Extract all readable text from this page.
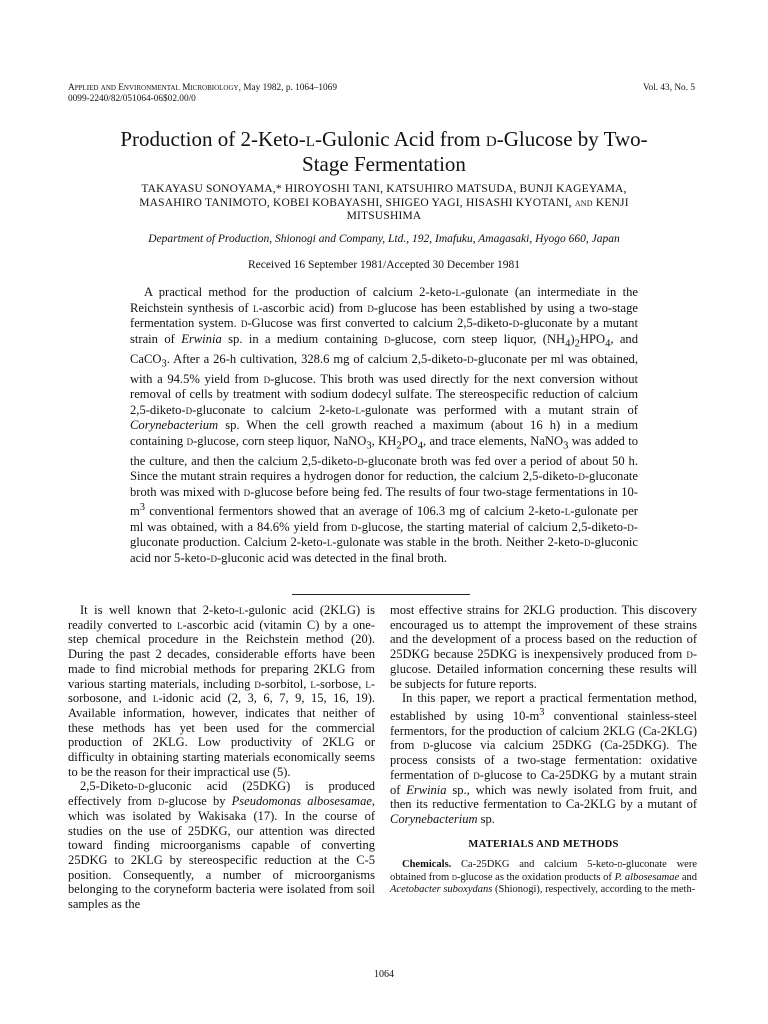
Applied and Environmental Microbiology, May 1982, p. 1064–1069
0099-2240/82/051064-06$02.00/0
Vol. 43, No. 5
Production of 2-Keto-l-Gulonic Acid from d-Glucose by Two-
Stage Fermentation
TAKAYASU SONOYAMA,* HIROYOSHI TANI, KATSUHIRO MATSUDA, BUNJI KAGEYAMA,
MASAHIRO TANIMOTO, KOBEI KOBAYASHI, SHIGEO YAGI, HISASHI KYOTANI, and KENJI
MITSUSHIMA
Department of Production, Shionogi and Company, Ltd., 192, Imafuku, Amagasaki, Hyogo 660, Japan
Received 16 September 1981/Accepted 30 December 1981

A practical method for the production of calcium 2-keto-l-gulonate (an intermediate in the Reichstein synthesis of l-ascorbic acid) from d-glucose has been established by using a two-stage fermentation system. d-Glucose was first converted to calcium 2,5-diketo-d-gluconate by a mutant strain of Erwinia sp. in a medium containing d-glucose, corn steep liquor, $(NH_4)_2HPO_4$, and CaCO$_3$. After a 26-h cultivation, 328.6 mg of calcium 2,5-diketo-d-gluconate per ml was obtained, with a 94.5% yield from d-glucose. This broth was used directly for the next conversion without removal of cells by treatment with sodium dodecyl sulfate. The stereospecific reduction of calcium 2,5-diketo-d-gluconate to calcium 2-keto-l-gulonate was performed with a mutant strain of Corynebacterium sp. When the cell growth reached a maximum (about 16 h) in a medium containing d-glucose, corn steep liquor, NaNO$_3$, $KH_2PO_4$, and trace elements, NaNO$_3$ was added to the culture, and then the calcium 2,5-diketo-d-gluconate broth was fed over a period of about 50 h. Since the mutant strain requires a hydrogen donor for reduction, the calcium 2,5-diketo-d-gluconate broth was mixed with d-glucose before being fed. The results of four two-stage fermentations in $10-m^3$ conventional fermentors showed that an average of 106.3 mg of calcium 2-keto-l-gulonate per ml was obtained, with a 84.6% yield from d-glucose, the starting material of calcium 2,5-diketo-d-gluconate production. Calcium 2-keto-l-gulonate was stable in the broth. Neither 2-keto-d-gluconic acid nor 5-keto-d-gluconic acid was detected in the final broth.

It is well known that 2-keto-l-gulonic acid (2KLG) is readily converted to l-ascorbic acid (vitamin C) by a one-step chemical procedure in the Reichstein method (20). During the past 2 decades, considerable efforts have been made to find microbial methods for preparing 2KLG from various starting materials, including d-sorbitol, l-sorbose, l-sorbosone, and l-idonic acid (2, 3, 6, 7, 9, 15, 16, 19). Available information, however, indicates that neither of these methods has yet been used for the commercial production of 2KLG. Low productivity of 2KLG or difficulty in obtaining starting materials economically seems to be the reason for their impractical use (5).

2,5-Diketo-d-gluconic acid (25DKG) is produced effectively from d-glucose by Pseudomonas albosesamae, which was isolated by Wakisaka (17). In the course of studies on the use of 25DKG, our attention was directed toward finding microorganisms capable of converting 25DKG to 2KLG by stereospecific reduction at the C-5 position. Consequently, a number of microorganisms belonging to the coryneform bacteria were isolated from soil samples as the

most effective strains for 2KLG production. This discovery encouraged us to attempt the improvement of these strains and the development of a process based on the reduction of 25DKG because 25DKG is inexpensively produced from d-glucose. Detailed information concerning these results will be subjects for future reports.

In this paper, we report a practical fermentation method, established by using $10-m^3$ conventional stainless-steel fermentors, for the production of calcium 2KLG (Ca-2KLG) from d-glucose via calcium 25DKG (Ca-25DKG). The process consists of a two-stage fermentation: oxidative fermentation of d-glucose to Ca-25DKG by a mutant strain of Erwinia sp., which was newly isolated from fruit, and then its reductive fermentation to Ca-2KLG by a mutant of Corynebacterium sp.

MATERIALS AND METHODS

Chemicals. Ca-25DKG and calcium 5-keto-d-gluconate were obtained from d-glucose as the oxidation products of P. albosesamae and Acetobacter suboxydans (Shionogi), respectively, according to the meth-

1064
